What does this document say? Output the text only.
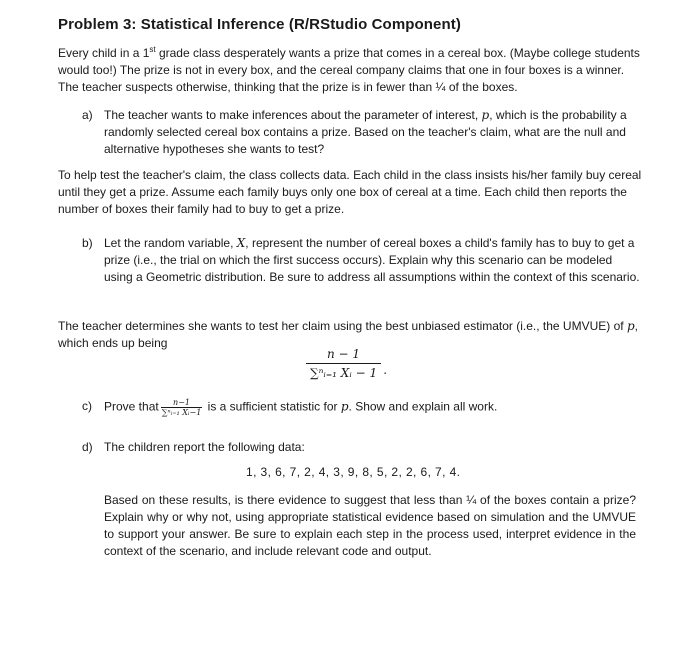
Problem 3: Statistical Inference (R/RStudio Component)

Every child in a 1st grade class desperately wants a prize that comes in a cereal box. (Maybe college students would too!) The prize is not in every box, and the cereal company claims that one in four boxes is a winner. The teacher suspects otherwise, thinking that the prize is in fewer than ¼ of the boxes.

a) The teacher wants to make inferences about the parameter of interest, p, which is the probability a randomly selected cereal box contains a prize. Based on the teacher's claim, what are the null and alternative hypotheses she wants to test?

To help test the teacher's claim, the class collects data. Each child in the class insists his/her family buy cereal until they get a prize. Assume each family buys only one box of cereal at a time. Each child then reports the number of boxes their family had to buy to get a prize.

b) Let the random variable, X, represent the number of cereal boxes a child's family has to buy to get a prize (i.e., the trial on which the first success occurs). Explain why this scenario can be modeled using a Geometric distribution. Be sure to address all assumptions within the context of this scenario.

The teacher determines she wants to test her claim using the best unbiased estimator (i.e., the UMVUE) of p, which ends up being

n − 1
∑ⁿᵢ₌₁ Xᵢ − 1 .
c) Prove that $\frac{n-1}{\text{∑ⁿᵢ₌₁ Xᵢ−1}}$ is a sufficient statistic for p. Show and explain all work.
d) The children report the following data:
1, 3, 6, 7, 2, 4, 3, 9, 8, 5, 2, 2, 6, 7, 4.
Based on these results, is there evidence to suggest that less than ¼ of the boxes contain a prize? Explain why or why not, using appropriate statistical evidence based on simulation and the UMVUE to support your answer. Be sure to explain each step in the process used, interpret evidence in the context of the scenario, and include relevant code and output.
